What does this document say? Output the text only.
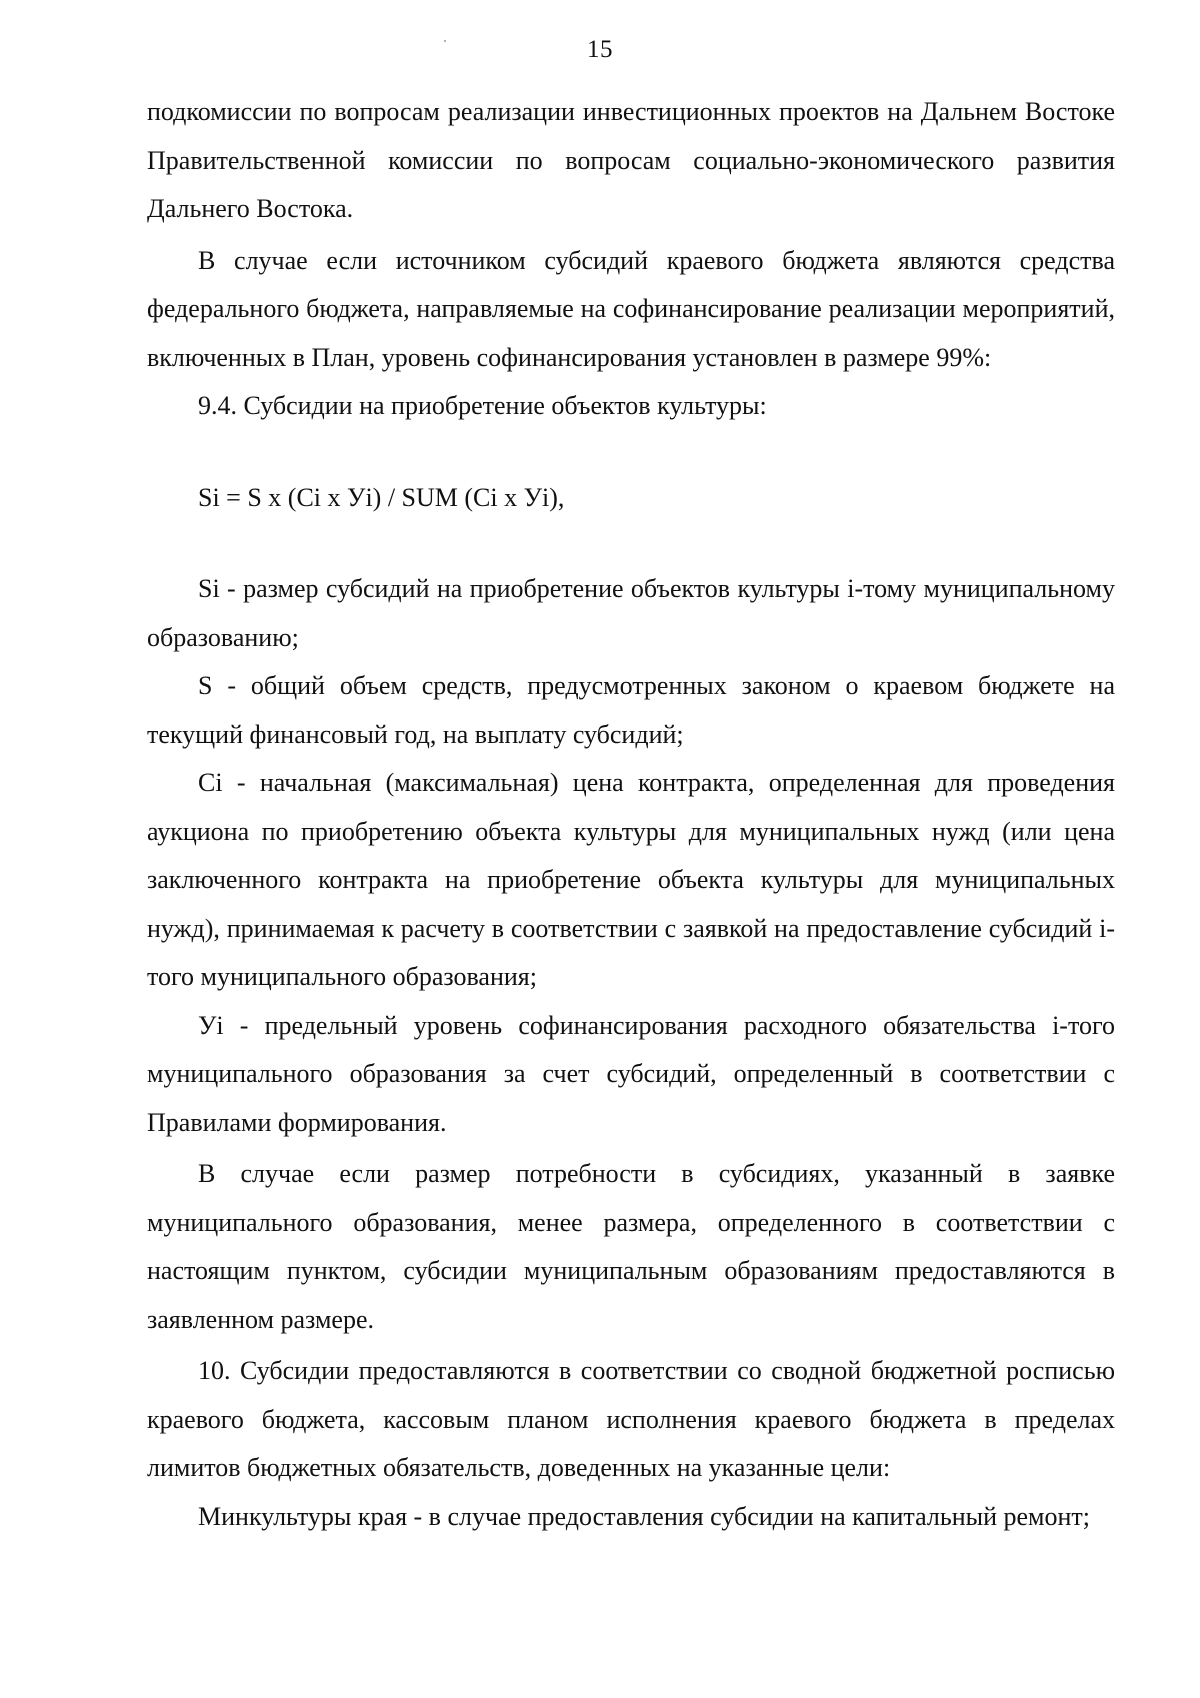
15

подкомиссии по вопросам реализации инвестиционных проектов на Дальнем Востоке Правительственной комиссии по вопросам социально-экономического развития Дальнего Востока.

В случае если источником субсидий краевого бюджета являются средства федерального бюджета, направляемые на софинансирование реализации мероприятий, включенных в План, уровень софинансирования установлен в размере 99%:

9.4. Субсидии на приобретение объектов культуры:

Si = S x (Ci x Уi) / SUM (Ci x Уi),

Si - размер субсидий на приобретение объектов культуры i-тому муниципальному образованию;

S - общий объем средств, предусмотренных законом о краевом бюджете на текущий финансовый год, на выплату субсидий;

Ci - начальная (максимальная) цена контракта, определенная для проведения аукциона по приобретению объекта культуры для муниципальных нужд (или цена заключенного контракта на приобретение объекта культуры для муниципальных нужд), принимаемая к расчету в соответствии с заявкой на предоставление субсидий i-того муниципального образования;

Уi - предельный уровень софинансирования расходного обязательства i-того муниципального образования за счет субсидий, определенный в соответствии с Правилами формирования.

В случае если размер потребности в субсидиях, указанный в заявке муниципального образования, менее размера, определенного в соответствии с настоящим пунктом, субсидии муниципальным образованиям предоставляются в заявленном размере.

10. Субсидии предоставляются в соответствии со сводной бюджетной росписью краевого бюджета, кассовым планом исполнения краевого бюджета в пределах лимитов бюджетных обязательств, доведенных на указанные цели:

Минкультуры края - в случае предоставления субсидии на капитальный ремонт;
